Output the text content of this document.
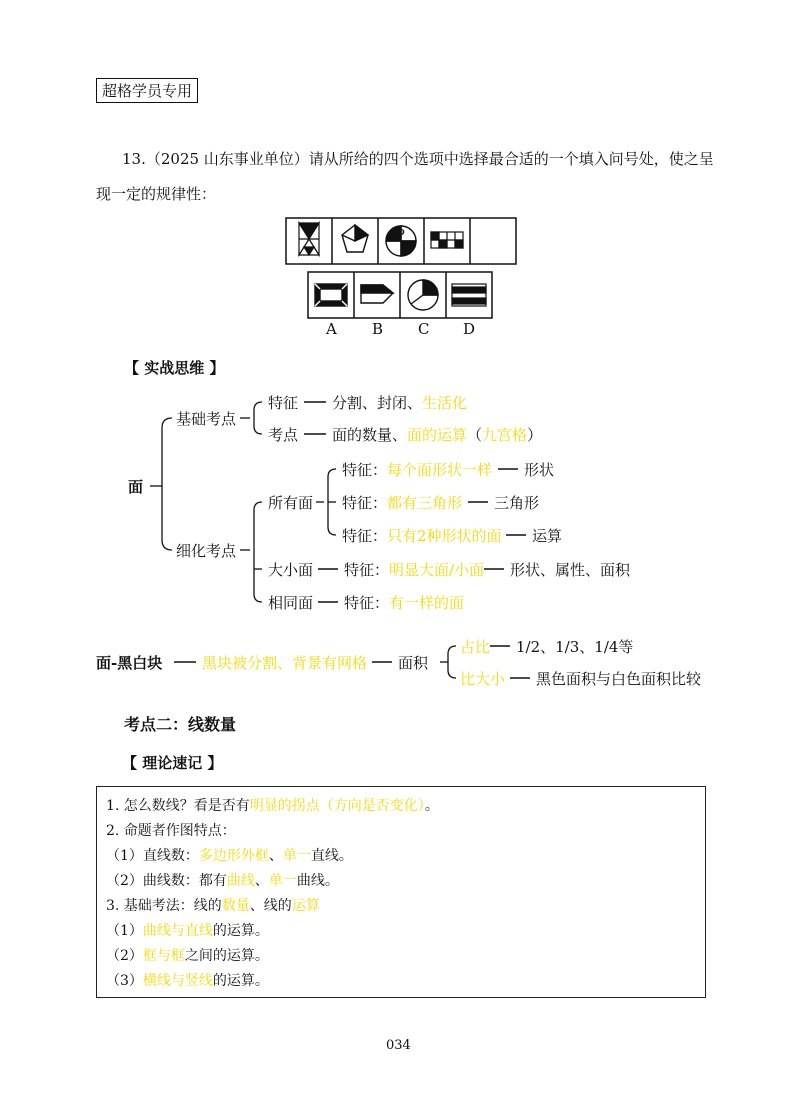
超格学员专用
13.（2025 山东事业单位）请从所给的四个选项中选择最合适的一个填入问号处，使之呈
现一定的规律性：
?
A B C D
【 实战思维 】
面
基础考点
特征 分割、封闭、生活化
考点 面的数量、面的运算（九宫格）
细化考点
所有面
特征：每个面形状一样 形状
特征：都有三角形 三角形
特征：只有2种形状的面 运算
大小面 特征：明显大面/小面 形状、属性、面积
相同面 特征：有一样的面
面-黑白块	黑块被分割、背景有网格 面积
占比 1/2、1/3、1/4等
比大小 黑色面积与白色面积比较
考点二：线数量
【 理论速记 】
1. 怎么数线？看是否有明显的拐点（方向是否变化）。
2. 命题者作图特点：
（1）直线数：多边形外框、单一直线。
（2）曲线数：都有曲线、单一曲线。
3. 基础考法：线的数量、线的运算
（1）曲线与直线的运算。
（2）框与框之间的运算。
（3）横线与竖线的运算。
034
